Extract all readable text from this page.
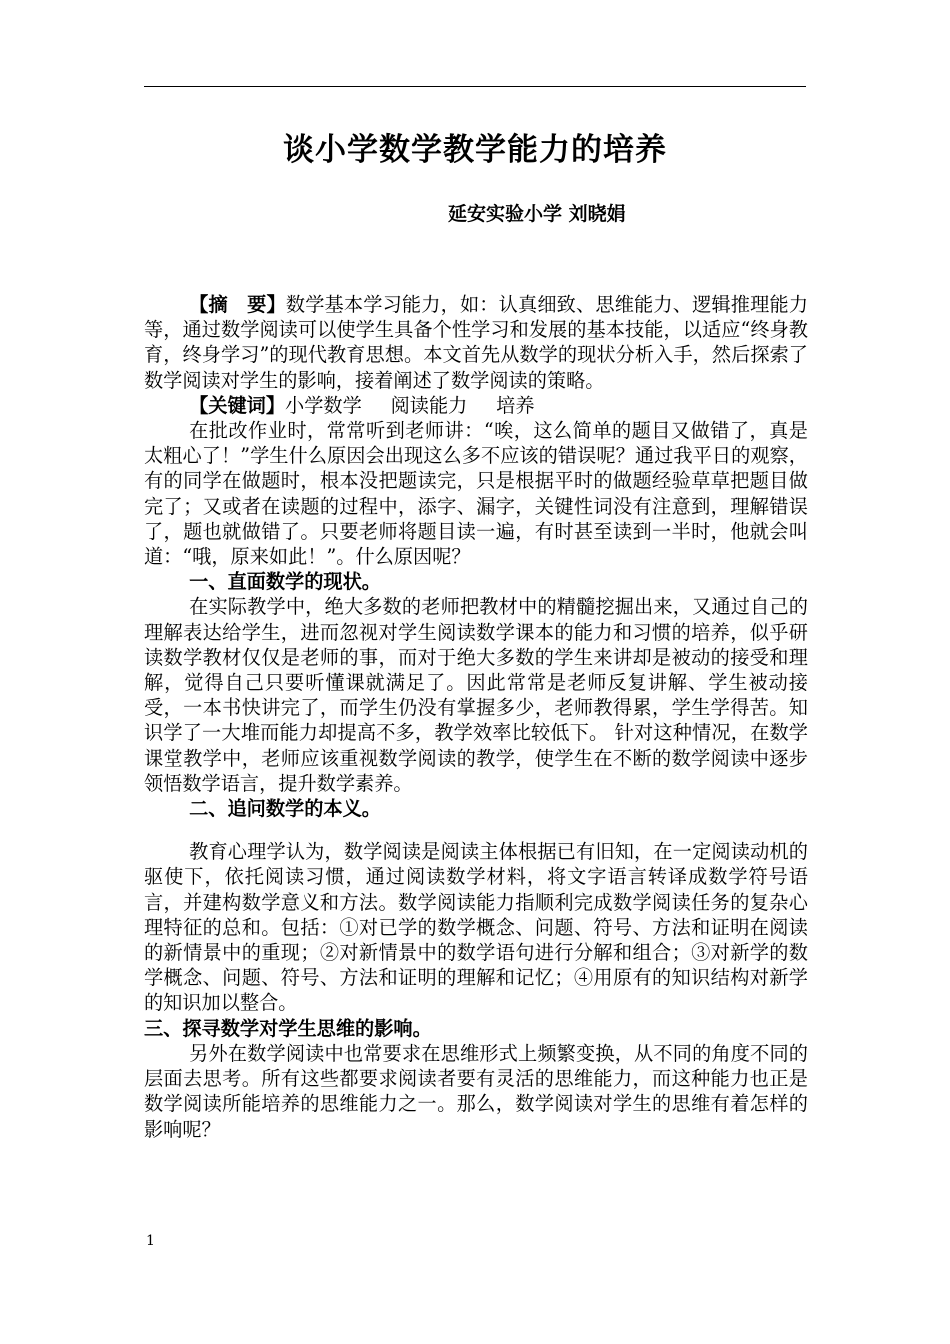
谈小学数学教学能力的培养

延安实验小学 刘晓娟

【摘　要】数学基本学习能力，如：认真细致、思维能力、逻辑推理能力等，通过数学阅读可以使学生具备个性学习和发展的基本技能，以适应“终身教育，终身学习”的现代教育思想。本文首先从数学的现状分析入手，然后探索了数学阅读对学生的影响，接着阐述了数学阅读的策略。

【关键词】小学数学 阅读能力 培养

在批改作业时，常常听到老师讲：“唉，这么简单的题目又做错了，真是太粗心了！”学生什么原因会出现这么多不应该的错误呢？通过我平日的观察，有的同学在做题时，根本没把题读完，只是根据平时的做题经验草草把题目做完了；又或者在读题的过程中，添字、漏字，关键性词没有注意到，理解错误了，题也就做错了。只要老师将题目读一遍，有时甚至读到一半时，他就会叫道：“哦，原来如此！”。什么原因呢？

一、直面数学的现状。

在实际教学中，绝大多数的老师把教材中的精髓挖掘出来，又通过自己的理解表达给学生，进而忽视对学生阅读数学课本的能力和习惯的培养，似乎研读数学教材仅仅是老师的事，而对于绝大多数的学生来讲却是被动的接受和理解，觉得自己只要听懂课就满足了。因此常常是老师反复讲解、学生被动接受，一本书快讲完了，而学生仍没有掌握多少，老师教得累，学生学得苦。知识学了一大堆而能力却提高不多，教学效率比较低下。 针对这种情况，在数学课堂教学中，老师应该重视数学阅读的教学，使学生在不断的数学阅读中逐步领悟数学语言，提升数学素养。

二、追问数学的本义。

教育心理学认为，数学阅读是阅读主体根据已有旧知，在一定阅读动机的驱使下，依托阅读习惯，通过阅读数学材料，将文字语言转译成数学符号语言，并建构数学意义和方法。数学阅读能力指顺利完成数学阅读任务的复杂心理特征的总和。包括：①对已学的数学概念、问题、符号、方法和证明在阅读的新情景中的重现；②对新情景中的数学语句进行分解和组合；③对新学的数学概念、问题、符号、方法和证明的理解和记忆；④用原有的知识结构对新学的知识加以整合。

三、探寻数学对学生思维的影响。

另外在数学阅读中也常要求在思维形式上频繁变换，从不同的角度不同的层面去思考。所有这些都要求阅读者要有灵活的思维能力，而这种能力也正是数学阅读所能培养的思维能力之一。那么，数学阅读对学生的思维有着怎样的影响呢？

1
